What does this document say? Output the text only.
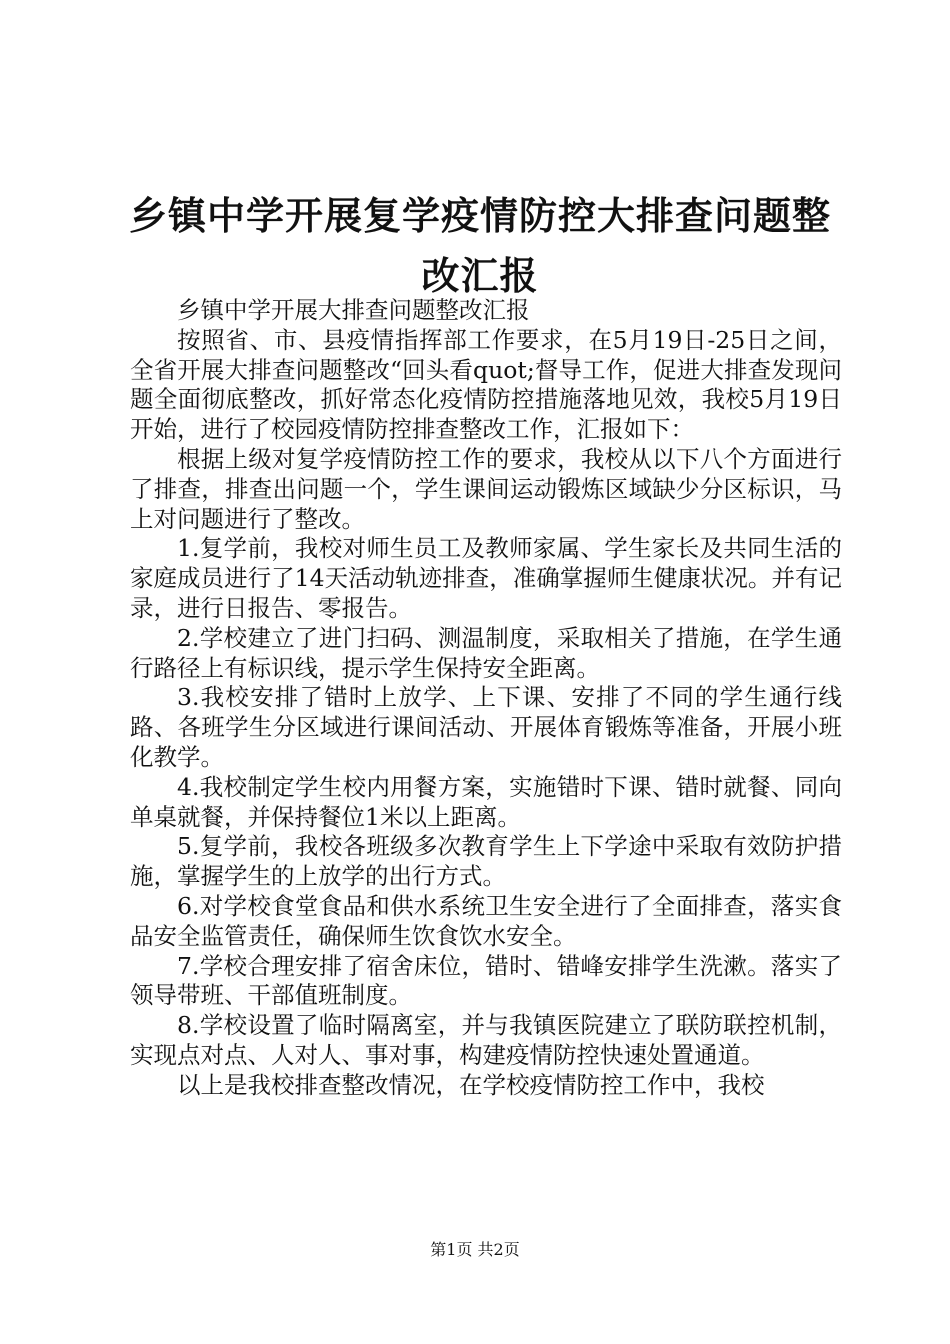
乡镇中学开展复学疫情防控大排查问题整改汇报

乡镇中学开展大排查问题整改汇报

按照省、市、县疫情指挥部工作要求，在5月19日-25日之间，全省开展大排查问题整改“回头看quot;督导工作，促进大排查发现问题全面彻底整改，抓好常态化疫情防控措施落地见效，我校5月19日开始，进行了校园疫情防控排查整改工作，汇报如下：

根据上级对复学疫情防控工作的要求，我校从以下八个方面进行了排查，排查出问题一个，学生课间运动锻炼区域缺少分区标识，马上对问题进行了整改。

1.复学前，我校对师生员工及教师家属、学生家长及共同生活的家庭成员进行了14天活动轨迹排查，准确掌握师生健康状况。并有记录，进行日报告、零报告。

2.学校建立了进门扫码、测温制度，采取相关了措施，在学生通行路径上有标识线，提示学生保持安全距离。

3.我校安排了错时上放学、上下课、安排了不同的学生通行线路、各班学生分区域进行课间活动、开展体育锻炼等准备，开展小班化教学。

4.我校制定学生校内用餐方案，实施错时下课、错时就餐、同向单桌就餐，并保持餐位1米以上距离。

5.复学前，我校各班级多次教育学生上下学途中采取有效防护措施，掌握学生的上放学的出行方式。

6.对学校食堂食品和供水系统卫生安全进行了全面排查，落实食品安全监管责任，确保师生饮食饮水安全。

7.学校合理安排了宿舍床位，错时、错峰安排学生洗漱。落实了领导带班、干部值班制度。

8.学校设置了临时隔离室，并与我镇医院建立了联防联控机制，实现点对点、人对人、事对事，构建疫情防控快速处置通道。

以上是我校排查整改情况，在学校疫情防控工作中，我校

第1页 共2页
